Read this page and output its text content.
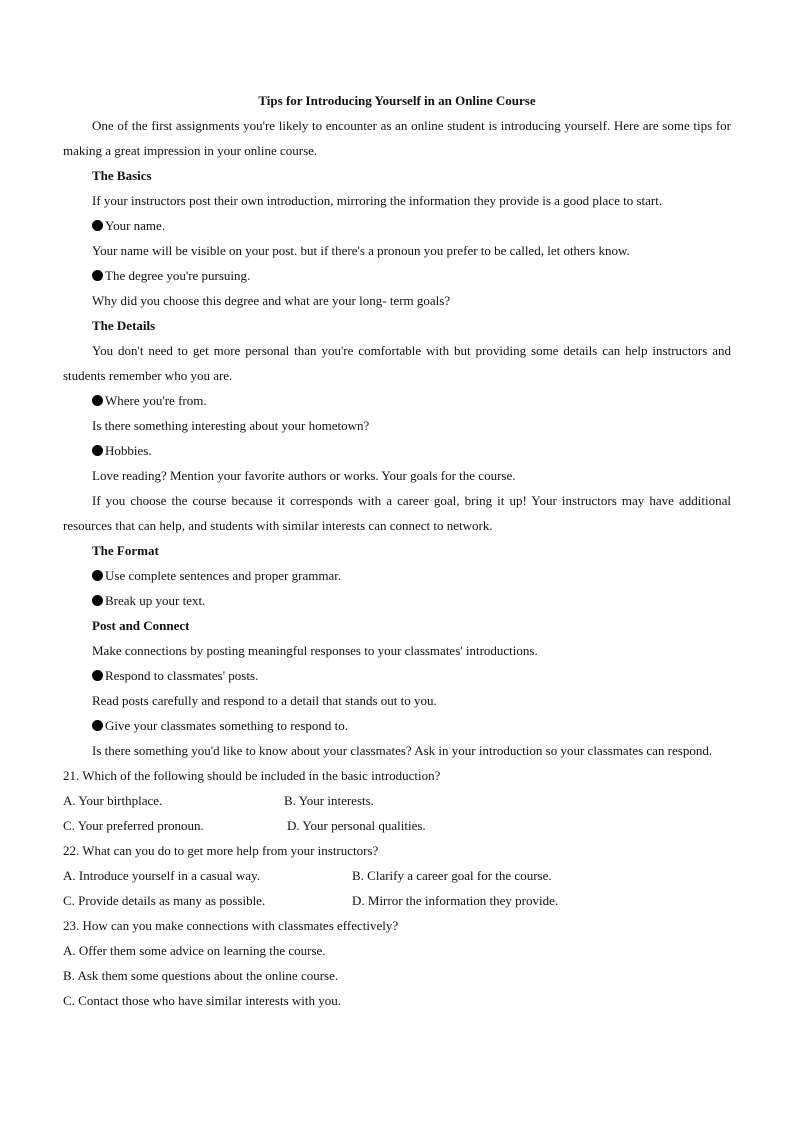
Tips for Introducing Yourself in an Online Course

One of the first assignments you're likely to encounter as an online student is introducing yourself. Here are some tips for making a great impression in your online course.

The Basics

If your instructors post their own introduction, mirroring the information they provide is a good place to start.

Your name.

Your name will be visible on your post. but if there's a pronoun you prefer to be called, let others know.

The degree you're pursuing.

Why did you choose this degree and what are your long- term goals?

The Details

You don't need to get more personal than you're comfortable with but providing some details can help instructors and students remember who you are.

Where you're from.

Is there something interesting about your hometown?

Hobbies.

Love reading? Mention your favorite authors or works. Your goals for the course.

If you choose the course because it corresponds with a career goal, bring it up! Your instructors may have additional resources that can help, and students with similar interests can connect to network.

The Format
Use complete sentences and proper grammar.
Break up your text.
Post and Connect

Make connections by posting meaningful responses to your classmates' introductions.

Respond to classmates' posts.

Read posts carefully and respond to a detail that stands out to you.

Give your classmates something to respond to.

Is there something you'd like to know about your classmates? Ask in your introduction so your classmates can respond.

21. Which of the following should be included in the basic introduction?
A. Your birthplace.	B. Your interests.
C. Your preferred pronoun.	D. Your personal qualities.
22. What can you do to get more help from your instructors?
A. Introduce yourself in a casual way.	B. Clarify a career goal for the course.
C. Provide details as many as possible.	D. Mirror the information they provide.
23. How can you make connections with classmates effectively?
A. Offer them some advice on learning the course.
B. Ask them some questions about the online course.
C. Contact those who have similar interests with you.
